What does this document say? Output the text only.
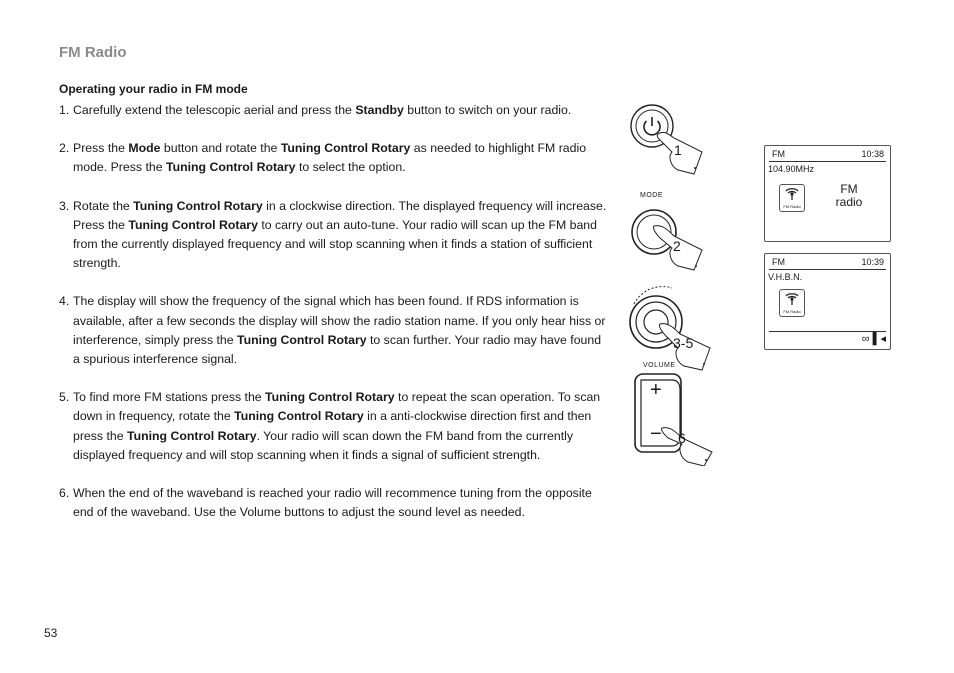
FM Radio
Operating your radio in FM mode

1. Carefully extend the telescopic aerial and press the Standby button to switch on your radio.

2. Press the Mode button and rotate the Tuning Control Rotary as needed to highlight FM radio mode. Press the Tuning Control Rotary to select the option.

3. Rotate the Tuning Control Rotary in a clockwise direction. The displayed frequency will increase. Press the Tuning Control Rotary to carry out an auto-tune. Your radio will scan up the FM band from the currently displayed frequency and will stop scanning when it finds a station of sufficient strength.

4. The display will show the frequency of the signal which has been found. If RDS information is available, after a few seconds the display will show the radio station name. If you only hear hiss or interference, simply press the Tuning Control Rotary to scan further. Your radio may have found a spurious interference signal.

5. To find more FM stations press the Tuning Control Rotary to repeat the scan operation. To scan down in frequency, rotate the Tuning Control Rotary in a anti-clockwise direction first and then press the Tuning Control Rotary. Your radio will scan down the FM band from the currently displayed frequency and will stop scanning when it finds a signal of sufficient strength.

6. When the end of the waveband is reached your radio will recommence tuning from the opposite end of the waveband. Use the Volume buttons to adjust the sound level as needed.

1
MODE
2
3-5
VOLUME
+
− 6
FM	10:38
104.90MHz
FM Radio
FM
radio
FM	10:39
V.H.B.N.
FM Radio
∞ ▌◂
53
